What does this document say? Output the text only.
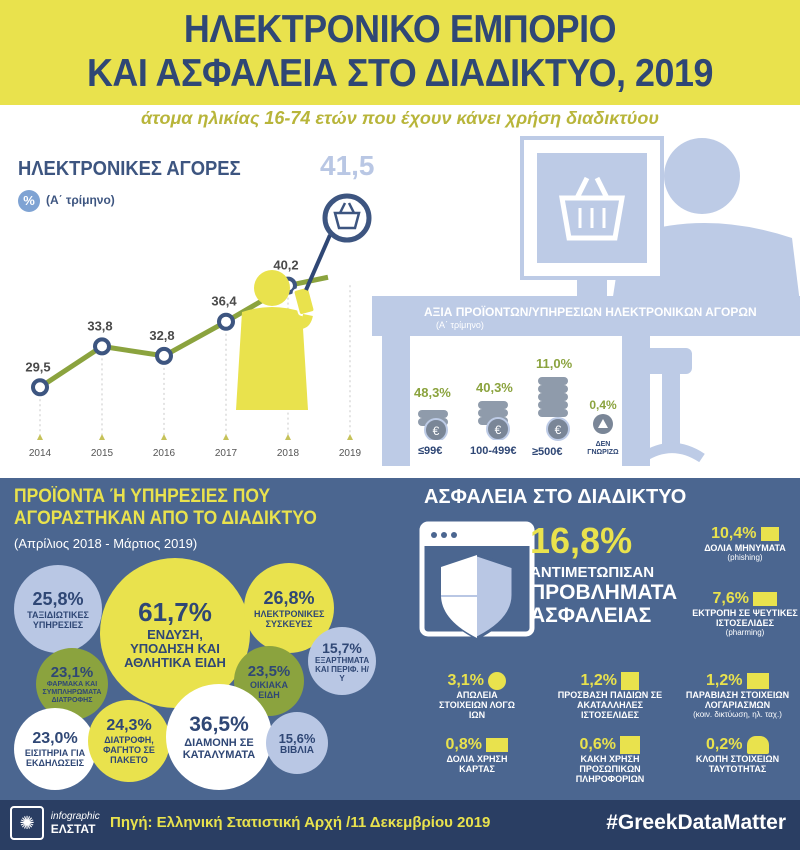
ΗΛΕΚΤΡΟΝΙΚΟ ΕΜΠΟΡΙΟ
ΚΑΙ ΑΣΦΑΛΕΙΑ ΣΤΟ ΔΙΑΔΙΚΤΥΟ, 2019
άτομα ηλικίας 16-74 ετών που έχουν κάνει χρήση διαδικτύου
ΗΛΕΚΤΡΟΝΙΚΕΣ ΑΓΟΡΕΣ
% (Α΄ τρίμηνο)
2014	2015	2016	2017	2018	2019
29,5
33,8
32,8
36,4
40,2
41,5
ΑΞΙΑ ΠΡΟΪΟΝΤΩΝ/ΥΠΗΡΕΣΙΩΝ ΗΛΕΚΤΡΟΝΙΚΩΝ ΑΓΟΡΩΝ
(Α΄ τρίμηνο)
48,3%
€
≤99€
40,3%
€
100-499€
11,0%
€
≥500€
0,4%
ΔΕΝ ΓΝΩΡΙΖΩ
ΠΡΟΪΟΝΤΑ Ή ΥΠΗΡΕΣΙΕΣ ΠΟΥ
ΑΓΟΡΑΣΤΗΚΑΝ ΑΠΟ ΤΟ ΔΙΑΔΙΚΤΥΟ
(Απρίλιος 2018 - Μάρτιος 2019)
25,8%
ΤΑΞΙΔΙΩΤΙΚΕΣ ΥΠΗΡΕΣΙΕΣ	61,7%
ΕΝΔΥΣΗ, ΥΠΟΔΗΣΗ ΚΑΙ ΑΘΛΗΤΙΚΑ ΕΙΔΗ
26,8%
ΗΛΕΚΤΡΟΝΙΚΕΣ ΣΥΣΚΕΥΕΣ
15,7%
ΕΞΑΡΤΗΜΑΤΑ ΚΑΙ ΠΕΡΙΦ. Η/Υ
23,1%
ΦΑΡΜΑΚΑ ΚΑΙ ΣΥΜΠΛΗΡΩΜΑΤΑ ΔΙΑΤΡΟΦΗΣ
23,5%
ΟΙΚΙΑΚΑ ΕΙΔΗ
23,0%
ΕΙΣΙΤΗΡΙΑ ΓΙΑ ΕΚΔΗΛΩΣΕΙΣ
24,3%
ΔΙΑΤΡΟΦΗ, ΦΑΓΗΤΟ ΣΕ ΠΑΚΕΤΟ
36,5%
ΔΙΑΜΟΝΗ ΣΕ ΚΑΤΑΛΥΜΑΤΑ
15,6%
ΒΙΒΛΙΑ
ΑΣΦΑΛΕΙΑ ΣΤΟ ΔΙΑΔΙΚΤΥΟ
16,8%
ΑΝΤΙΜΕΤΩΠΙΣΑΝ
ΠΡΟΒΛΗΜΑΤΑ
ΑΣΦΑΛΕΙΑΣ
10,4%
ΔΟΛΙΑ ΜΗΝΥΜΑΤΑ
(phishing)
7,6%
ΕΚΤΡΟΠΗ ΣΕ ΨΕΥΤΙΚΕΣ ΙΣΤΟΣΕΛΙΔΕΣ
(pharming)
3,1%
ΑΠΩΛΕΙΑ ΣΤΟΙΧΕΙΩΝ ΛΟΓΩ ΙΩΝ
1,2%
ΠΡΟΣΒΑΣΗ ΠΑΙΔΙΩΝ ΣΕ ΑΚΑΤΑΛΛΗΛΕΣ ΙΣΤΟΣΕΛΙΔΕΣ
1,2%
ΠΑΡΑΒΙΑΣΗ ΣΤΟΙΧΕΙΩΝ ΛΟΓΑΡΙΑΣΜΩΝ
(κοιν. δικτύωση, ηλ. ταχ.)
0,8%
ΔΟΛΙΑ ΧΡΗΣΗ ΚΑΡΤΑΣ
0,6%
ΚΑΚΗ ΧΡΗΣΗ ΠΡΟΣΩΠΙΚΩΝ ΠΛΗΡΟΦΟΡΙΩΝ
0,2%
ΚΛΟΠΗ ΣΤΟΙΧΕΙΩΝ ΤΑΥΤΟΤΗΤΑΣ
✺ infographic
ΕΛΣΤΑΤ Πηγή: Ελληνική Στατιστική Αρχή /11 Δεκεμβρίου 2019	#GreekDataMatter
